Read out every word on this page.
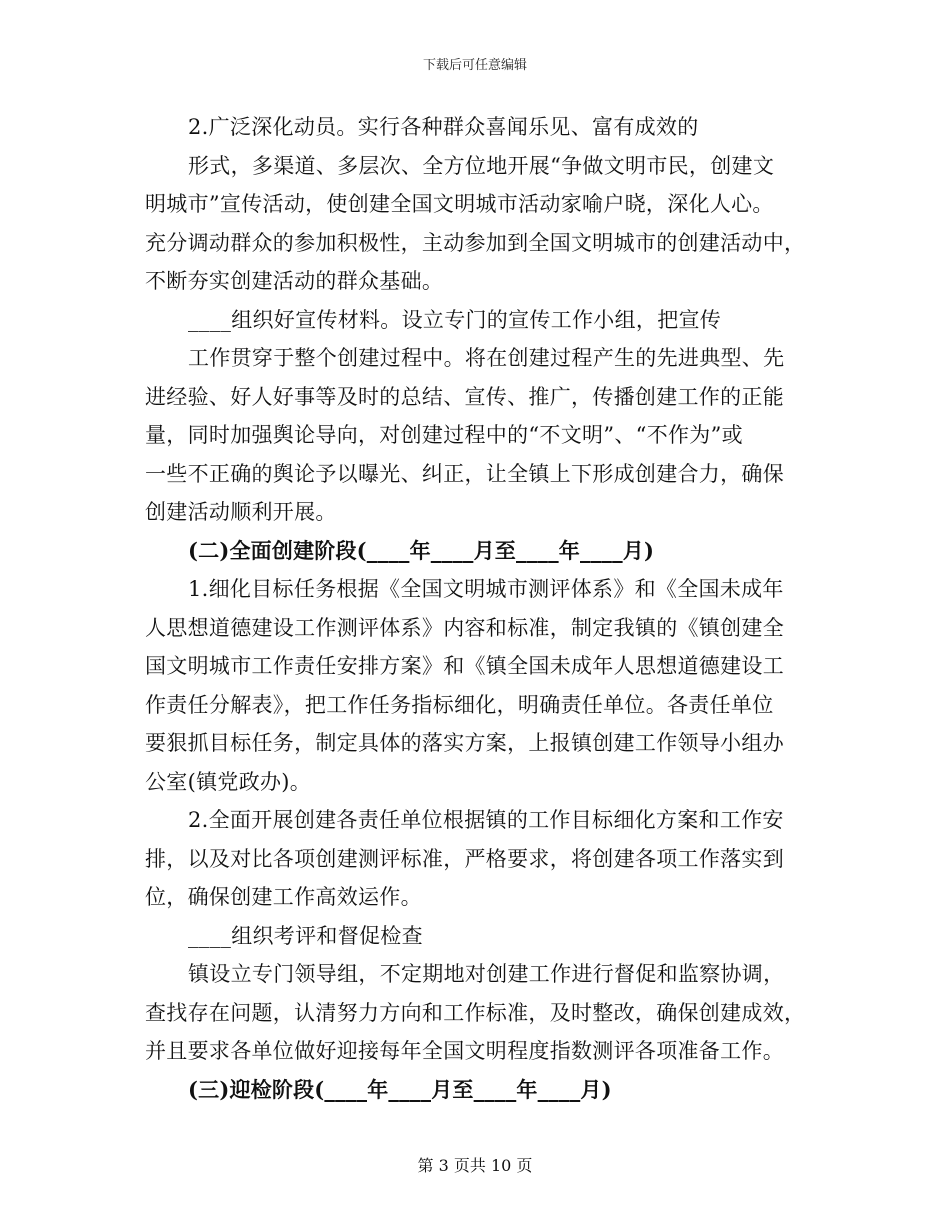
下载后可任意编辑
2.广泛深化动员。实行各种群众喜闻乐见、富有成效的
形式，多渠道、多层次、全方位地开展“争做文明市民，创建文
明城市”宣传活动，使创建全国文明城市活动家喻户晓，深化人心。
充分调动群众的参加积极性，主动参加到全国文明城市的创建活动中，
不断夯实创建活动的群众基础。
____组织好宣传材料。设立专门的宣传工作小组，把宣传
工作贯穿于整个创建过程中。将在创建过程产生的先进典型、先
进经验、好人好事等及时的总结、宣传、推广，传播创建工作的正能
量，同时加强舆论导向，对创建过程中的“不文明”、“不作为”或
一些不正确的舆论予以曝光、纠正，让全镇上下形成创建合力，确保
创建活动顺利开展。
(二)全面创建阶段(____年____月至____年____月)
1.细化目标任务根据《全国文明城市测评体系》和《全国未成年
人思想道德建设工作测评体系》内容和标准，制定我镇的《镇创建全
国文明城市工作责任安排方案》和《镇全国未成年人思想道德建设工
作责任分解表》，把工作任务指标细化，明确责任单位。各责任单位
要狠抓目标任务，制定具体的落实方案，上报镇创建工作领导小组办
公室(镇党政办)。
2.全面开展创建各责任单位根据镇的工作目标细化方案和工作安
排，以及对比各项创建测评标准，严格要求，将创建各项工作落实到
位，确保创建工作高效运作。
____组织考评和督促检查
镇设立专门领导组，不定期地对创建工作进行督促和监察协调，
查找存在问题，认清努力方向和工作标准，及时整改，确保创建成效，
并且要求各单位做好迎接每年全国文明程度指数测评各项准备工作。
(三)迎检阶段(____年____月至____年____月)
第 3 页共 10 页
